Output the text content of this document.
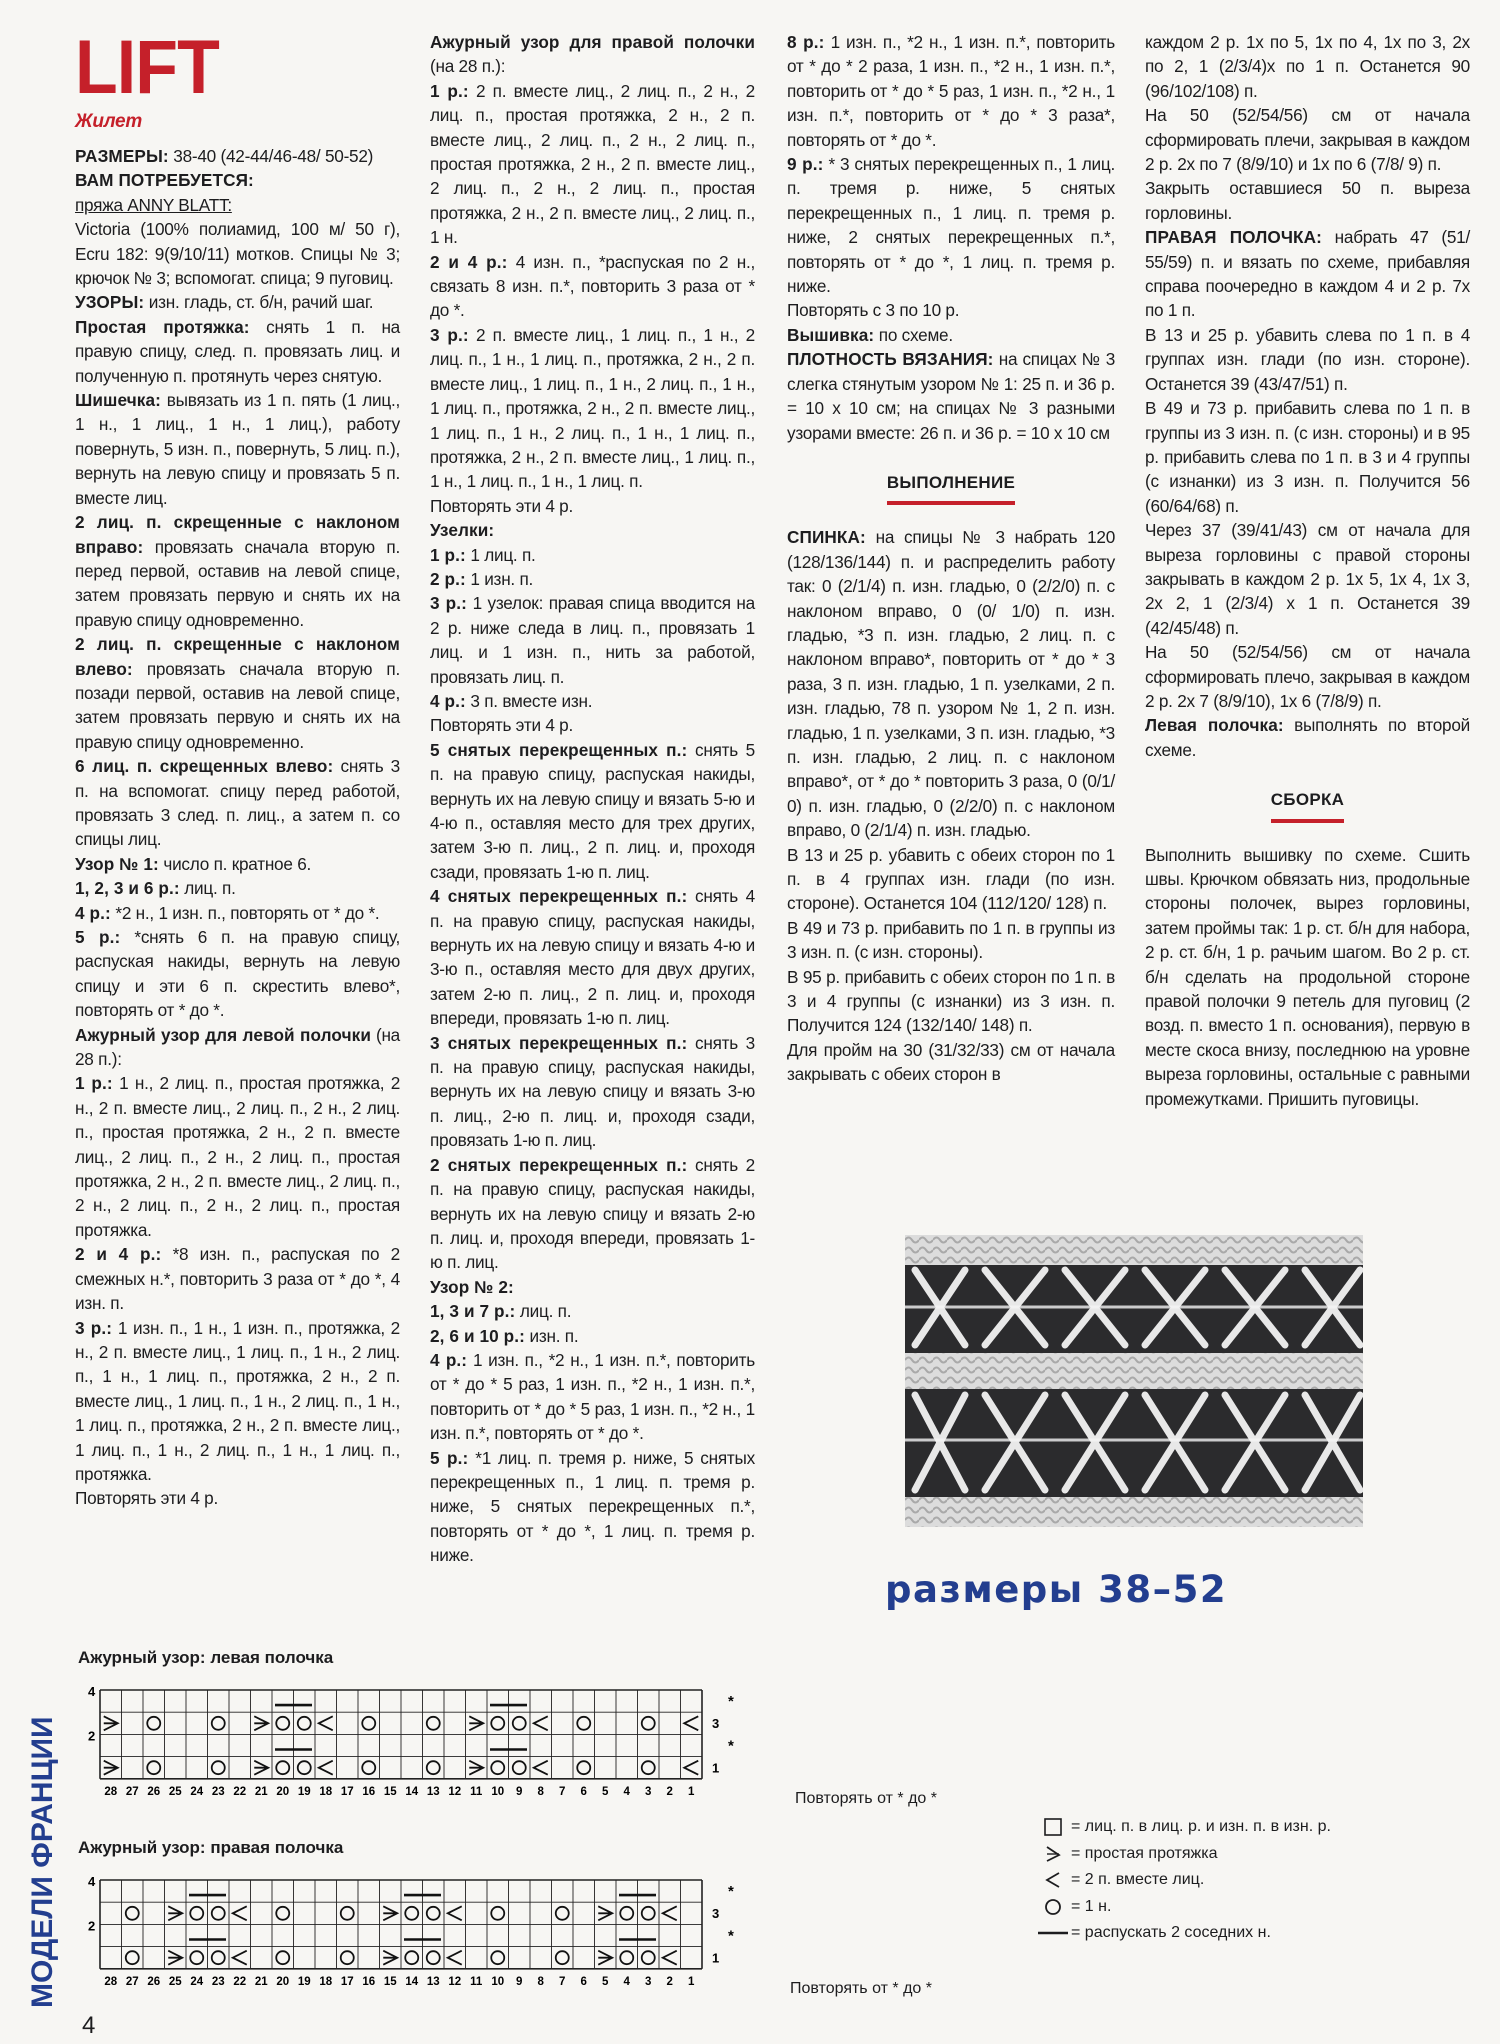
LIFT
Жилет

РАЗМЕРЫ: 38-40 (42-44/46-48/ 50-52)

ВАМ ПОТРЕБУЕТСЯ:

пряжа ANNY BLATT:

Victoria (100% полиамид, 100 м/ 50 г), Ecru 182: 9(9/10/11) мотков. Спицы № 3; крючок № 3; вспомогат. спица; 9 пуговиц.

УЗОРЫ: изн. гладь, ст. б/н, рачий шаг.

Простая протяжка: снять 1 п. на правую спицу, след. п. провязать лиц. и полученную п. протянуть через снятую.

Шишечка: вывязать из 1 п. пять (1 лиц., 1 н., 1 лиц., 1 н., 1 лиц.), работу повернуть, 5 изн. п., повернуть, 5 лиц. п.), вернуть на левую спицу и провязать 5 п. вместе лиц.

2 лиц. п. скрещенные с наклоном вправо: провязать сначала вторую п. перед первой, оставив на левой спице, затем провязать первую и снять их на правую спицу одновременно.

2 лиц. п. скрещенные с наклоном влево: провязать сначала вторую п. позади первой, оставив на левой спице, затем провязать первую и снять их на правую спицу одновременно.

6 лиц. п. скрещенных влево: снять 3 п. на вспомогат. спицу перед работой, провязать 3 след. п. лиц., а затем п. со спицы лиц.

Узор № 1: число п. кратное 6.

1, 2, 3 и 6 р.: лиц. п.

4 р.: *2 н., 1 изн. п., повторять от * до *.

5 р.: *снять 6 п. на правую спицу, распуская накиды, вернуть на левую спицу и эти 6 п. скрестить влево*, повторять от * до *.

Ажурный узор для левой полочки (на 28 п.):

1 р.: 1 н., 2 лиц. п., простая протяжка, 2 н., 2 п. вместе лиц., 2 лиц. п., 2 н., 2 лиц. п., простая протяжка, 2 н., 2 п. вместе лиц., 2 лиц. п., 2 н., 2 лиц. п., простая протяжка, 2 н., 2 п. вместе лиц., 2 лиц. п., 2 н., 2 лиц. п., 2 н., 2 лиц. п., простая протяжка.

2 и 4 р.: *8 изн. п., распуская по 2 смежных н.*, повторить 3 раза от * до *, 4 изн. п.

3 р.: 1 изн. п., 1 н., 1 изн. п., протяжка, 2 н., 2 п. вместе лиц., 1 лиц. п., 1 н., 2 лиц. п., 1 н., 1 лиц. п., протяжка, 2 н., 2 п. вместе лиц., 1 лиц. п., 1 н., 2 лиц. п., 1 н., 1 лиц. п., протяжка, 2 н., 2 п. вместе лиц., 1 лиц. п., 1 н., 2 лиц. п., 1 н., 1 лиц. п., протяжка.

Повторять эти 4 р.

Ажурный узор для правой полочки (на 28 п.):

1 р.: 2 п. вместе лиц., 2 лиц. п., 2 н., 2 лиц. п., простая протяжка, 2 н., 2 п. вместе лиц., 2 лиц. п., 2 н., 2 лиц. п., простая протяжка, 2 н., 2 п. вместе лиц., 2 лиц. п., 2 н., 2 лиц. п., простая протяжка, 2 н., 2 п. вместе лиц., 2 лиц. п., 1 н.

2 и 4 р.: 4 изн. п., *распуская по 2 н., связать 8 изн. п.*, повторить 3 раза от * до *.

3 р.: 2 п. вместе лиц., 1 лиц. п., 1 н., 2 лиц. п., 1 н., 1 лиц. п., протяжка, 2 н., 2 п. вместе лиц., 1 лиц. п., 1 н., 2 лиц. п., 1 н., 1 лиц. п., протяжка, 2 н., 2 п. вместе лиц., 1 лиц. п., 1 н., 2 лиц. п., 1 н., 1 лиц. п., протяжка, 2 н., 2 п. вместе лиц., 1 лиц. п., 1 н., 1 лиц. п., 1 н., 1 лиц. п.

Повторять эти 4 р.

Узелки:

1 р.: 1 лиц. п.

2 р.: 1 изн. п.

3 р.: 1 узелок: правая спица вводится на 2 р. ниже следа в лиц. п., провязать 1 лиц. и 1 изн. п., нить за работой, провязать лиц. п.

4 р.: 3 п. вместе изн.

Повторять эти 4 р.

5 снятых перекрещенных п.: снять 5 п. на правую спицу, распуская накиды, вернуть их на левую спицу и вязать 5-ю и 4-ю п., оставляя место для трех других, затем 3-ю п. лиц., 2 п. лиц. и, проходя сзади, провязать 1-ю п. лиц.

4 снятых перекрещенных п.: снять 4 п. на правую спицу, распуская накиды, вернуть их на левую спицу и вязать 4-ю и 3-ю п., оставляя место для двух других, затем 2-ю п. лиц., 2 п. лиц. и, проходя впереди, провязать 1-ю п. лиц.

3 снятых перекрещенных п.: снять 3 п. на правую спицу, распуская накиды, вернуть их на левую спицу и вязать 3-ю п. лиц., 2-ю п. лиц. и, проходя сзади, провязать 1-ю п. лиц.

2 снятых перекрещенных п.: снять 2 п. на правую спицу, распуская накиды, вернуть их на левую спицу и вязать 2-ю п. лиц. и, проходя впереди, провязать 1-ю п. лиц.

Узор № 2:

1, 3 и 7 р.: лиц. п.

2, 6 и 10 р.: изн. п.

4 р.: 1 изн. п., *2 н., 1 изн. п.*, повторить от * до * 5 раз, 1 изн. п., *2 н., 1 изн. п.*, повторить от * до * 5 раз, 1 изн. п., *2 н., 1 изн. п.*, повторять от * до *.

5 р.: *1 лиц. п. тремя р. ниже, 5 снятых перекрещенных п., 1 лиц. п. тремя р. ниже, 5 снятых перекрещенных п.*, повторять от * до *, 1 лиц. п. тремя р. ниже.

8 р.: 1 изн. п., *2 н., 1 изн. п.*, повторить от * до * 2 раза, 1 изн. п., *2 н., 1 изн. п.*, повторить от * до * 5 раз, 1 изн. п., *2 н., 1 изн. п.*, повторить от * до * 3 раза*, повторять от * до *.

9 р.: * 3 снятых перекрещенных п., 1 лиц. п. тремя р. ниже, 5 снятых перекрещенных п., 1 лиц. п. тремя р. ниже, 2 снятых перекрещенных п.*, повторять от * до *, 1 лиц. п. тремя р. ниже.

Повторять с 3 по 10 р.

Вышивка: по схеме.

ПЛОТНОСТЬ ВЯЗАНИЯ: на спицах № 3 слегка стянутым узором № 1: 25 п. и 36 р. = 10 х 10 см; на спицах № 3 разными узорами вместе: 26 п. и 36 р. = 10 х 10 см

ВЫПОЛНЕНИЕ

СПИНКА: на спицы № 3 набрать 120 (128/136/144) п. и распределить работу так: 0 (2/1/4) п. изн. гладью, 0 (2/2/0) п. с наклоном вправо, 0 (0/ 1/0) п. изн. гладью, *3 п. изн. гладью, 2 лиц. п. с наклоном вправо*, повторить от * до * 3 раза, 3 п. изн. гладью, 1 п. узелками, 2 п. изн. гладью, 78 п. узором № 1, 2 п. изн. гладью, 1 п. узелками, 3 п. изн. гладью, *3 п. изн. гладью, 2 лиц. п. с наклоном вправо*, от * до * повторить 3 раза, 0 (0/1/ 0) п. изн. гладью, 0 (2/2/0) п. с наклоном вправо, 0 (2/1/4) п. изн. гладью.

В 13 и 25 р. убавить с обеих сторон по 1 п. в 4 группах изн. глади (по изн. стороне). Останется 104 (112/120/ 128) п.

В 49 и 73 р. прибавить по 1 п. в группы из 3 изн. п. (с изн. стороны).

В 95 р. прибавить с обеих сторон по 1 п. в 3 и 4 группы (с изнанки) из 3 изн. п. Получится 124 (132/140/ 148) п.

Для пройм на 30 (31/32/33) см от начала закрывать с обеих сторон в

каждом 2 р. 1х по 5, 1х по 4, 1х по 3, 2х по 2, 1 (2/3/4)х по 1 п. Останется 90 (96/102/108) п.

На 50 (52/54/56) см от начала сформировать плечи, закрывая в каждом 2 р. 2х по 7 (8/9/10) и 1х по 6 (7/8/ 9) п.

Закрыть оставшиеся 50 п. выреза горловины.

ПРАВАЯ ПОЛОЧКА: набрать 47 (51/ 55/59) п. и вязать по схеме, прибавляя справа поочередно в каждом 4 и 2 р. 7х по 1 п.

В 13 и 25 р. убавить слева по 1 п. в 4 группах изн. глади (по изн. стороне). Останется 39 (43/47/51) п.

В 49 и 73 р. прибавить слева по 1 п. в группы из 3 изн. п. (с изн. стороны) и в 95 р. прибавить слева по 1 п. в 3 и 4 группы (с изнанки) из 3 изн. п. Получится 56 (60/64/68) п.

Через 37 (39/41/43) см от начала для выреза горловины с правой стороны закрывать в каждом 2 р. 1х 5, 1х 4, 1х 3, 2х 2, 1 (2/3/4) х 1 п. Останется 39 (42/45/48) п.

На 50 (52/54/56) см от начала сформировать плечо, закрывая в каждом 2 р. 2х 7 (8/9/10), 1х 6 (7/8/9) п.

Левая полочка: выполнять по второй схеме.

СБОРКА

Выполнить вышивку по схеме. Сшить швы. Крючком обвязать низ, продольные стороны полочек, вырез горловины, затем проймы так: 1 р. ст. б/н для набора, 2 р. ст. б/н, 1 р. рачьим шагом. Во 2 р. ст. б/н сделать на продольной стороне правой полочки 9 петель для пуговиц (2 возд. п. вместо 1 п. основания), первую в месте скоса внизу, последнюю на уровне выреза горловины, остальные с равными промежутками. Пришить пуговицы.

размеры 38–52
Ажурный узор: левая полочка
4
2
3
*
1
*
28 27 26 25 24 23 22 21 20 19 18 17 16 15 14 13 12 11 10 9 8 7 6 5 4 3 2 1	Повторять от * до *
Ажурный узор: правая полочка
4
2
3
*
1
*
28 27 26 25 24 23 22 21 20 19 18 17 16 15 14 13 12 11 10 9 8 7 6 5 4 3 2 1	Повторять от * до *
= лиц. п. в лиц. р. и изн. п. в изн. р.
= простая протяжка
= 2 п. вместе лиц.
= 1 н.
= распускать 2 соседних н.
МОДЕЛИ ФРАНЦИИ
4
